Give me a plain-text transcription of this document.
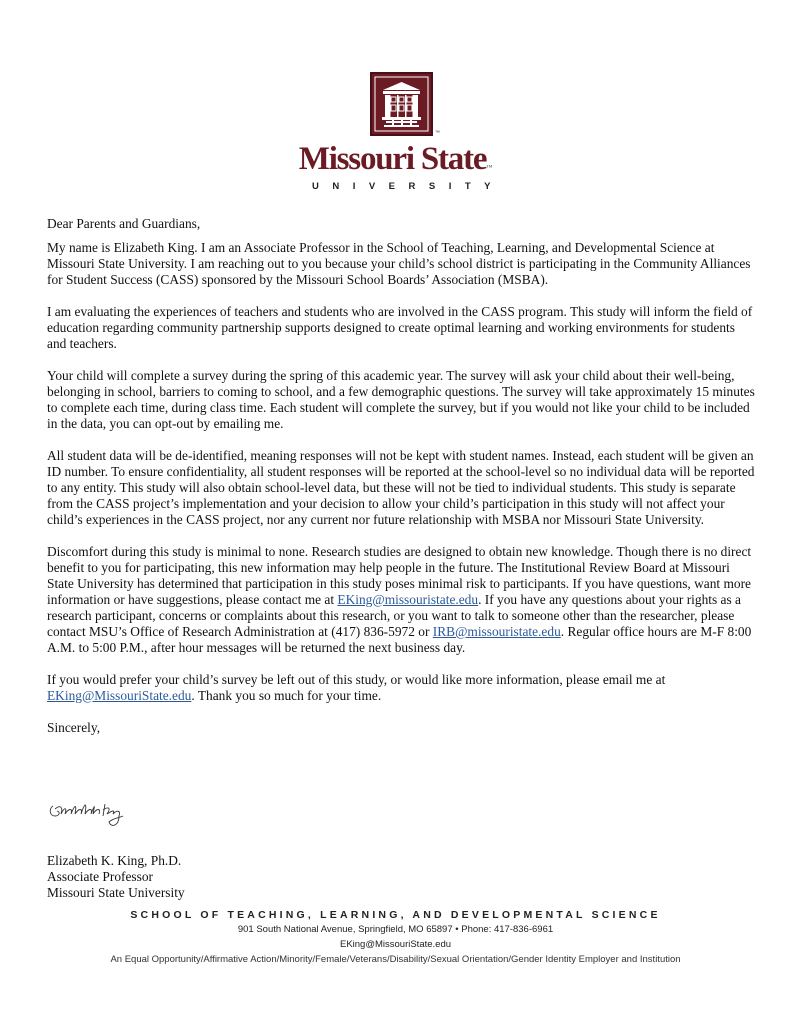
™
Missouri State™
UNIVERSITY

Dear Parents and Guardians,

My name is Elizabeth King. I am an Associate Professor in the School of Teaching, Learning, and Developmental Science at Missouri State University. I am reaching out to you because your child’s school district is participating in the Community Alliances for Student Success (CASS) sponsored by the Missouri School Boards’ Association (MSBA).

I am evaluating the experiences of teachers and students who are involved in the CASS program. This study will inform the field of education regarding community partnership supports designed to create optimal learning and working environments for students and teachers.

Your child will complete a survey during the spring of this academic year. The survey will ask your child about their well-being, belonging in school, barriers to coming to school, and a few demographic questions. The survey will take approximately 15 minutes to complete each time, during class time. Each student will complete the survey, but if you would not like your child to be included in the data, you can opt-out by emailing me.

All student data will be de-identified, meaning responses will not be kept with student names. Instead, each student will be given an ID number. To ensure confidentiality, all student responses will be reported at the school-level so no individual data will be reported to any entity. This study will also obtain school-level data, but these will not be tied to individual students. This study is separate from the CASS project’s implementation and your decision to allow your child’s participation in this study will not affect your child’s experiences in the CASS project, nor any current nor future relationship with MSBA nor Missouri State University.

Discomfort during this study is minimal to none. Research studies are designed to obtain new knowledge. Though there is no direct benefit to you for participating, this new information may help people in the future. The Institutional Review Board at Missouri State University has determined that participation in this study poses minimal risk to participants. If you have questions, want more information or have suggestions, please contact me at EKing@missouristate.edu. If you have any questions about your rights as a research participant, concerns or complaints about this research, or you want to talk to someone other than the researcher, please contact MSU’s Office of Research Administration at (417) 836-5972 or IRB@missouristate.edu. Regular office hours are M-F 8:00 A.M. to 5:00 P.M., after hour messages will be returned the next business day.

If you would prefer your child’s survey be left out of this study, or would like more information, please email me at EKing@MissouriState.edu. Thank you so much for your time.

Sincerely,

Elizabeth K. King, Ph.D.
Associate Professor
Missouri State University
SCHOOL OF TEACHING, LEARNING, AND DEVELOPMENTAL SCIENCE
901 South National Avenue, Springfield, MO 65897 • Phone: 417-836-6961
EKing@MissouriState.edu
An Equal Opportunity/Affirmative Action/Minority/Female/Veterans/Disability/Sexual Orientation/Gender Identity Employer and Institution
